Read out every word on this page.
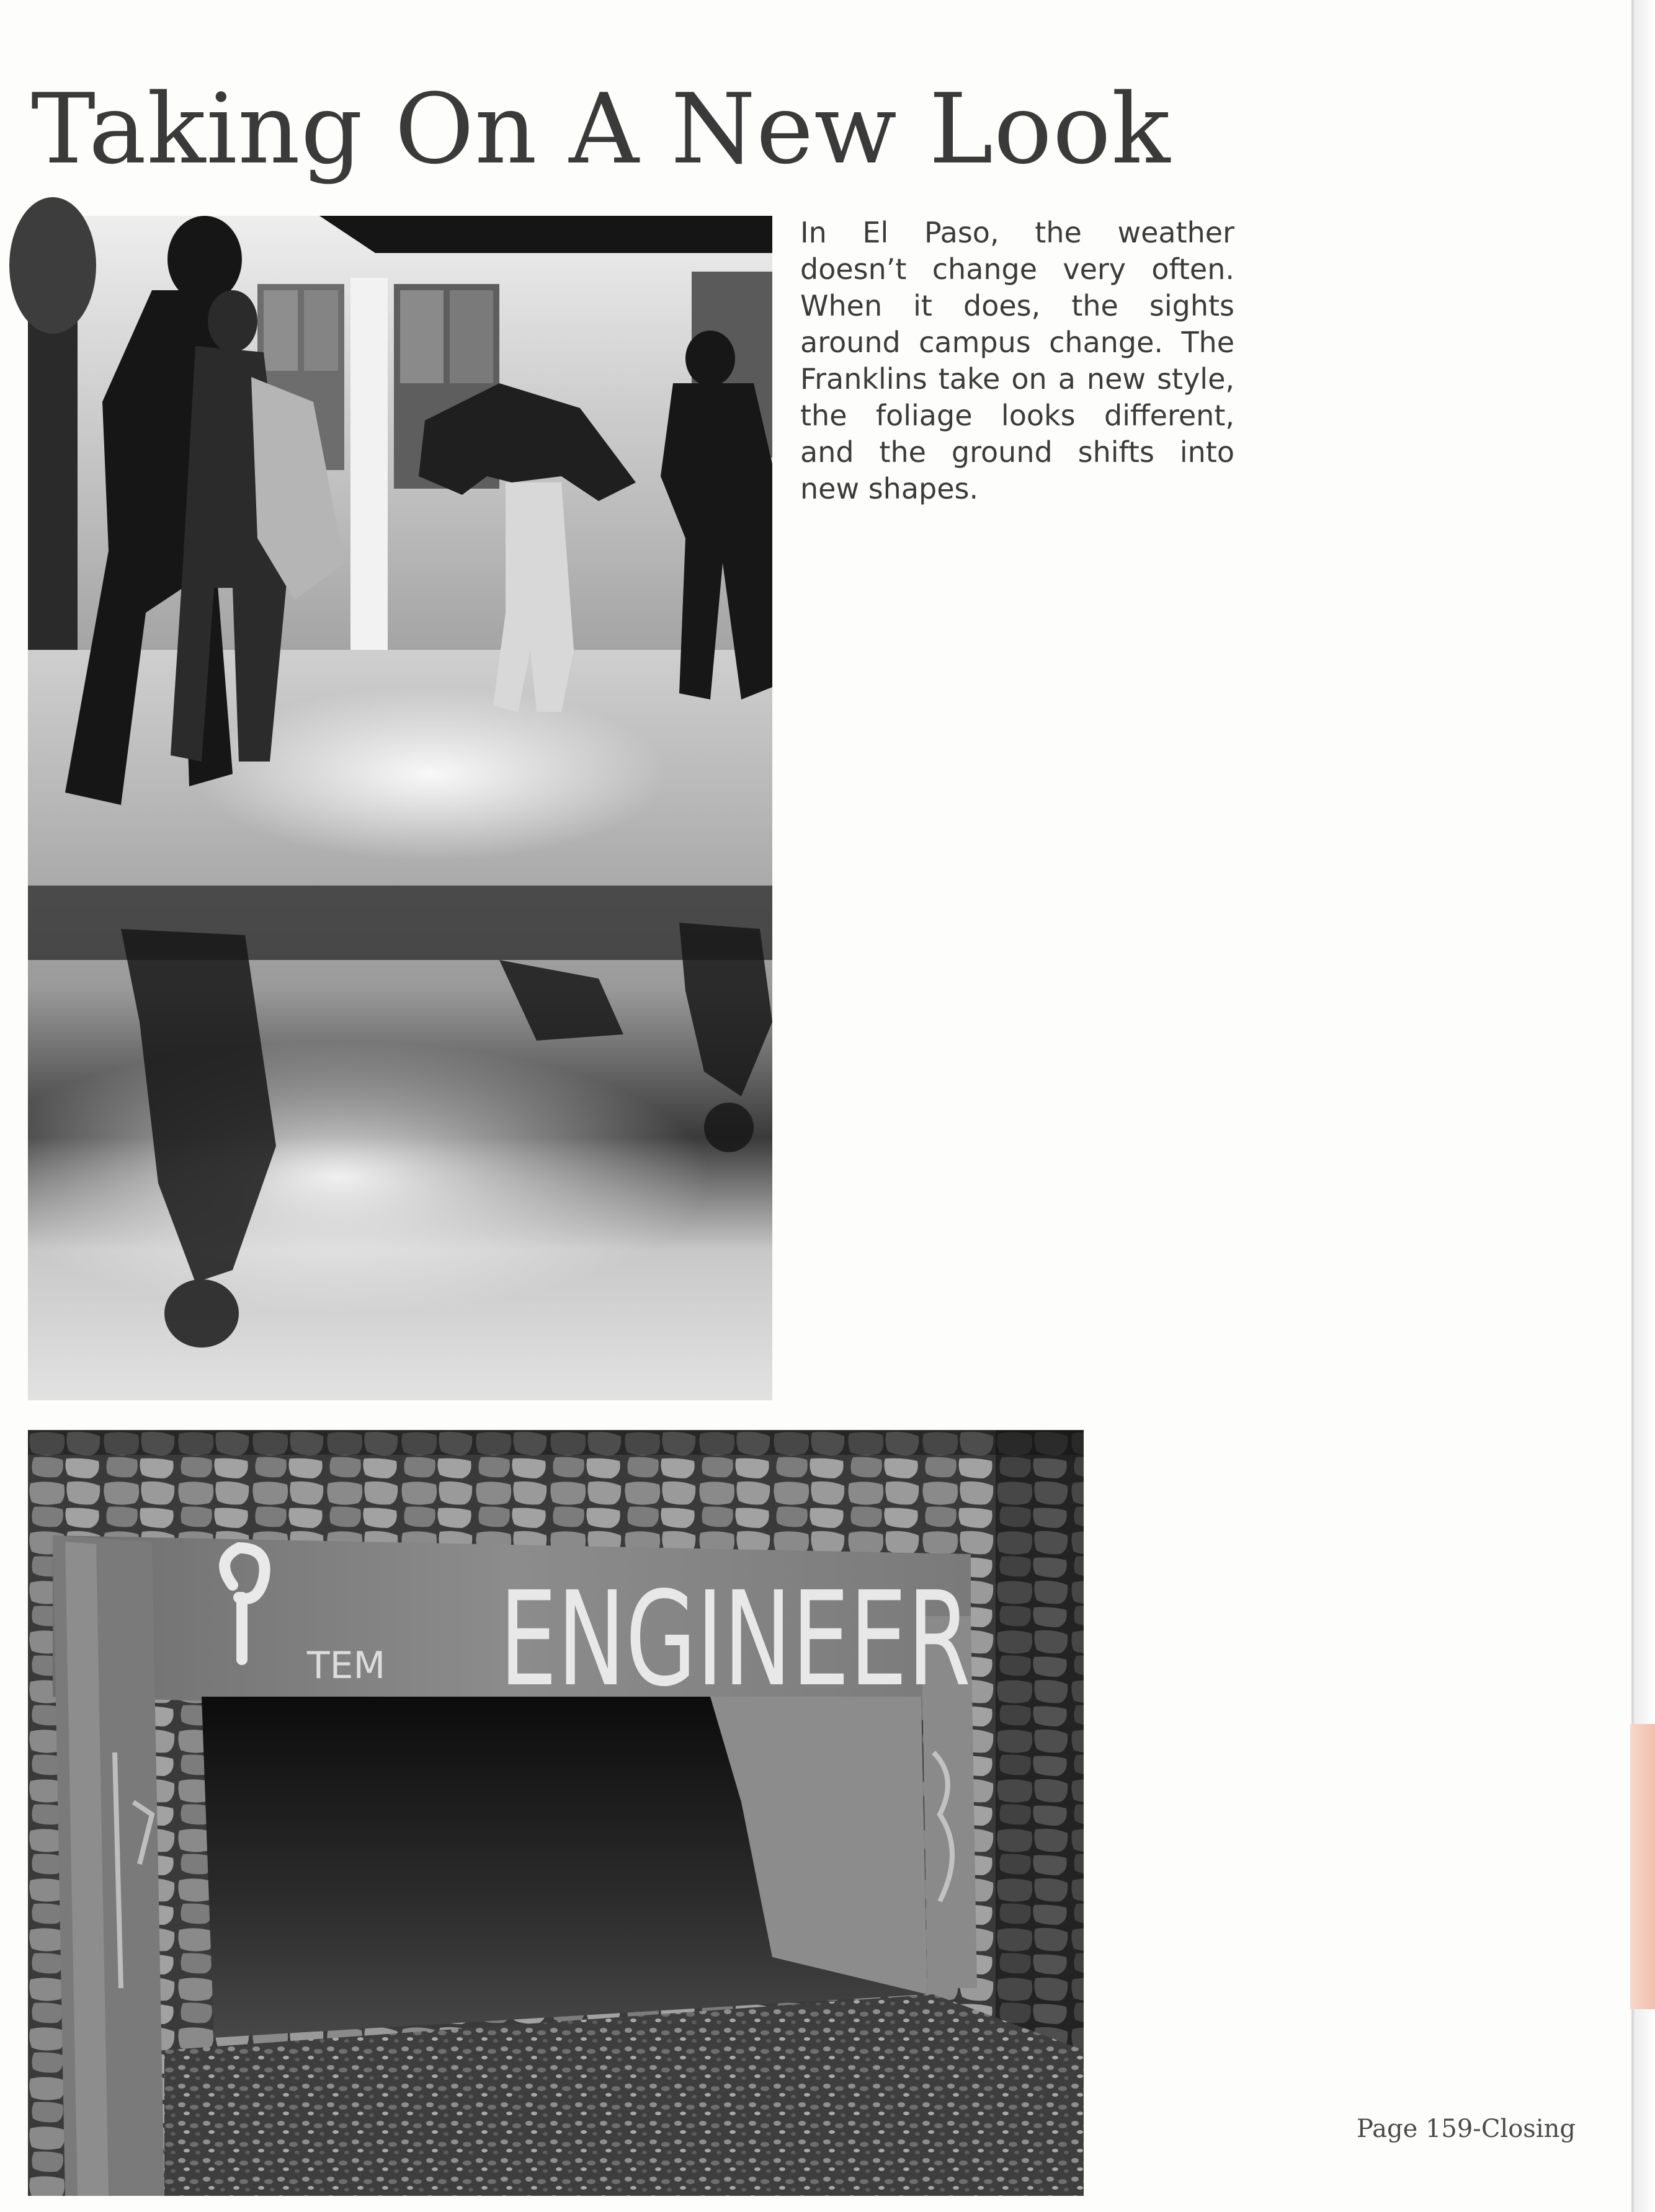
Taking On A New Look

In El Paso, the weather doesn’t change very often. When it does, the sights around campus change. The Franklins take on a new style, the foliage looks different, and the ground shifts into new shapes.

TEM ENGINEER

Page 159-Closing
